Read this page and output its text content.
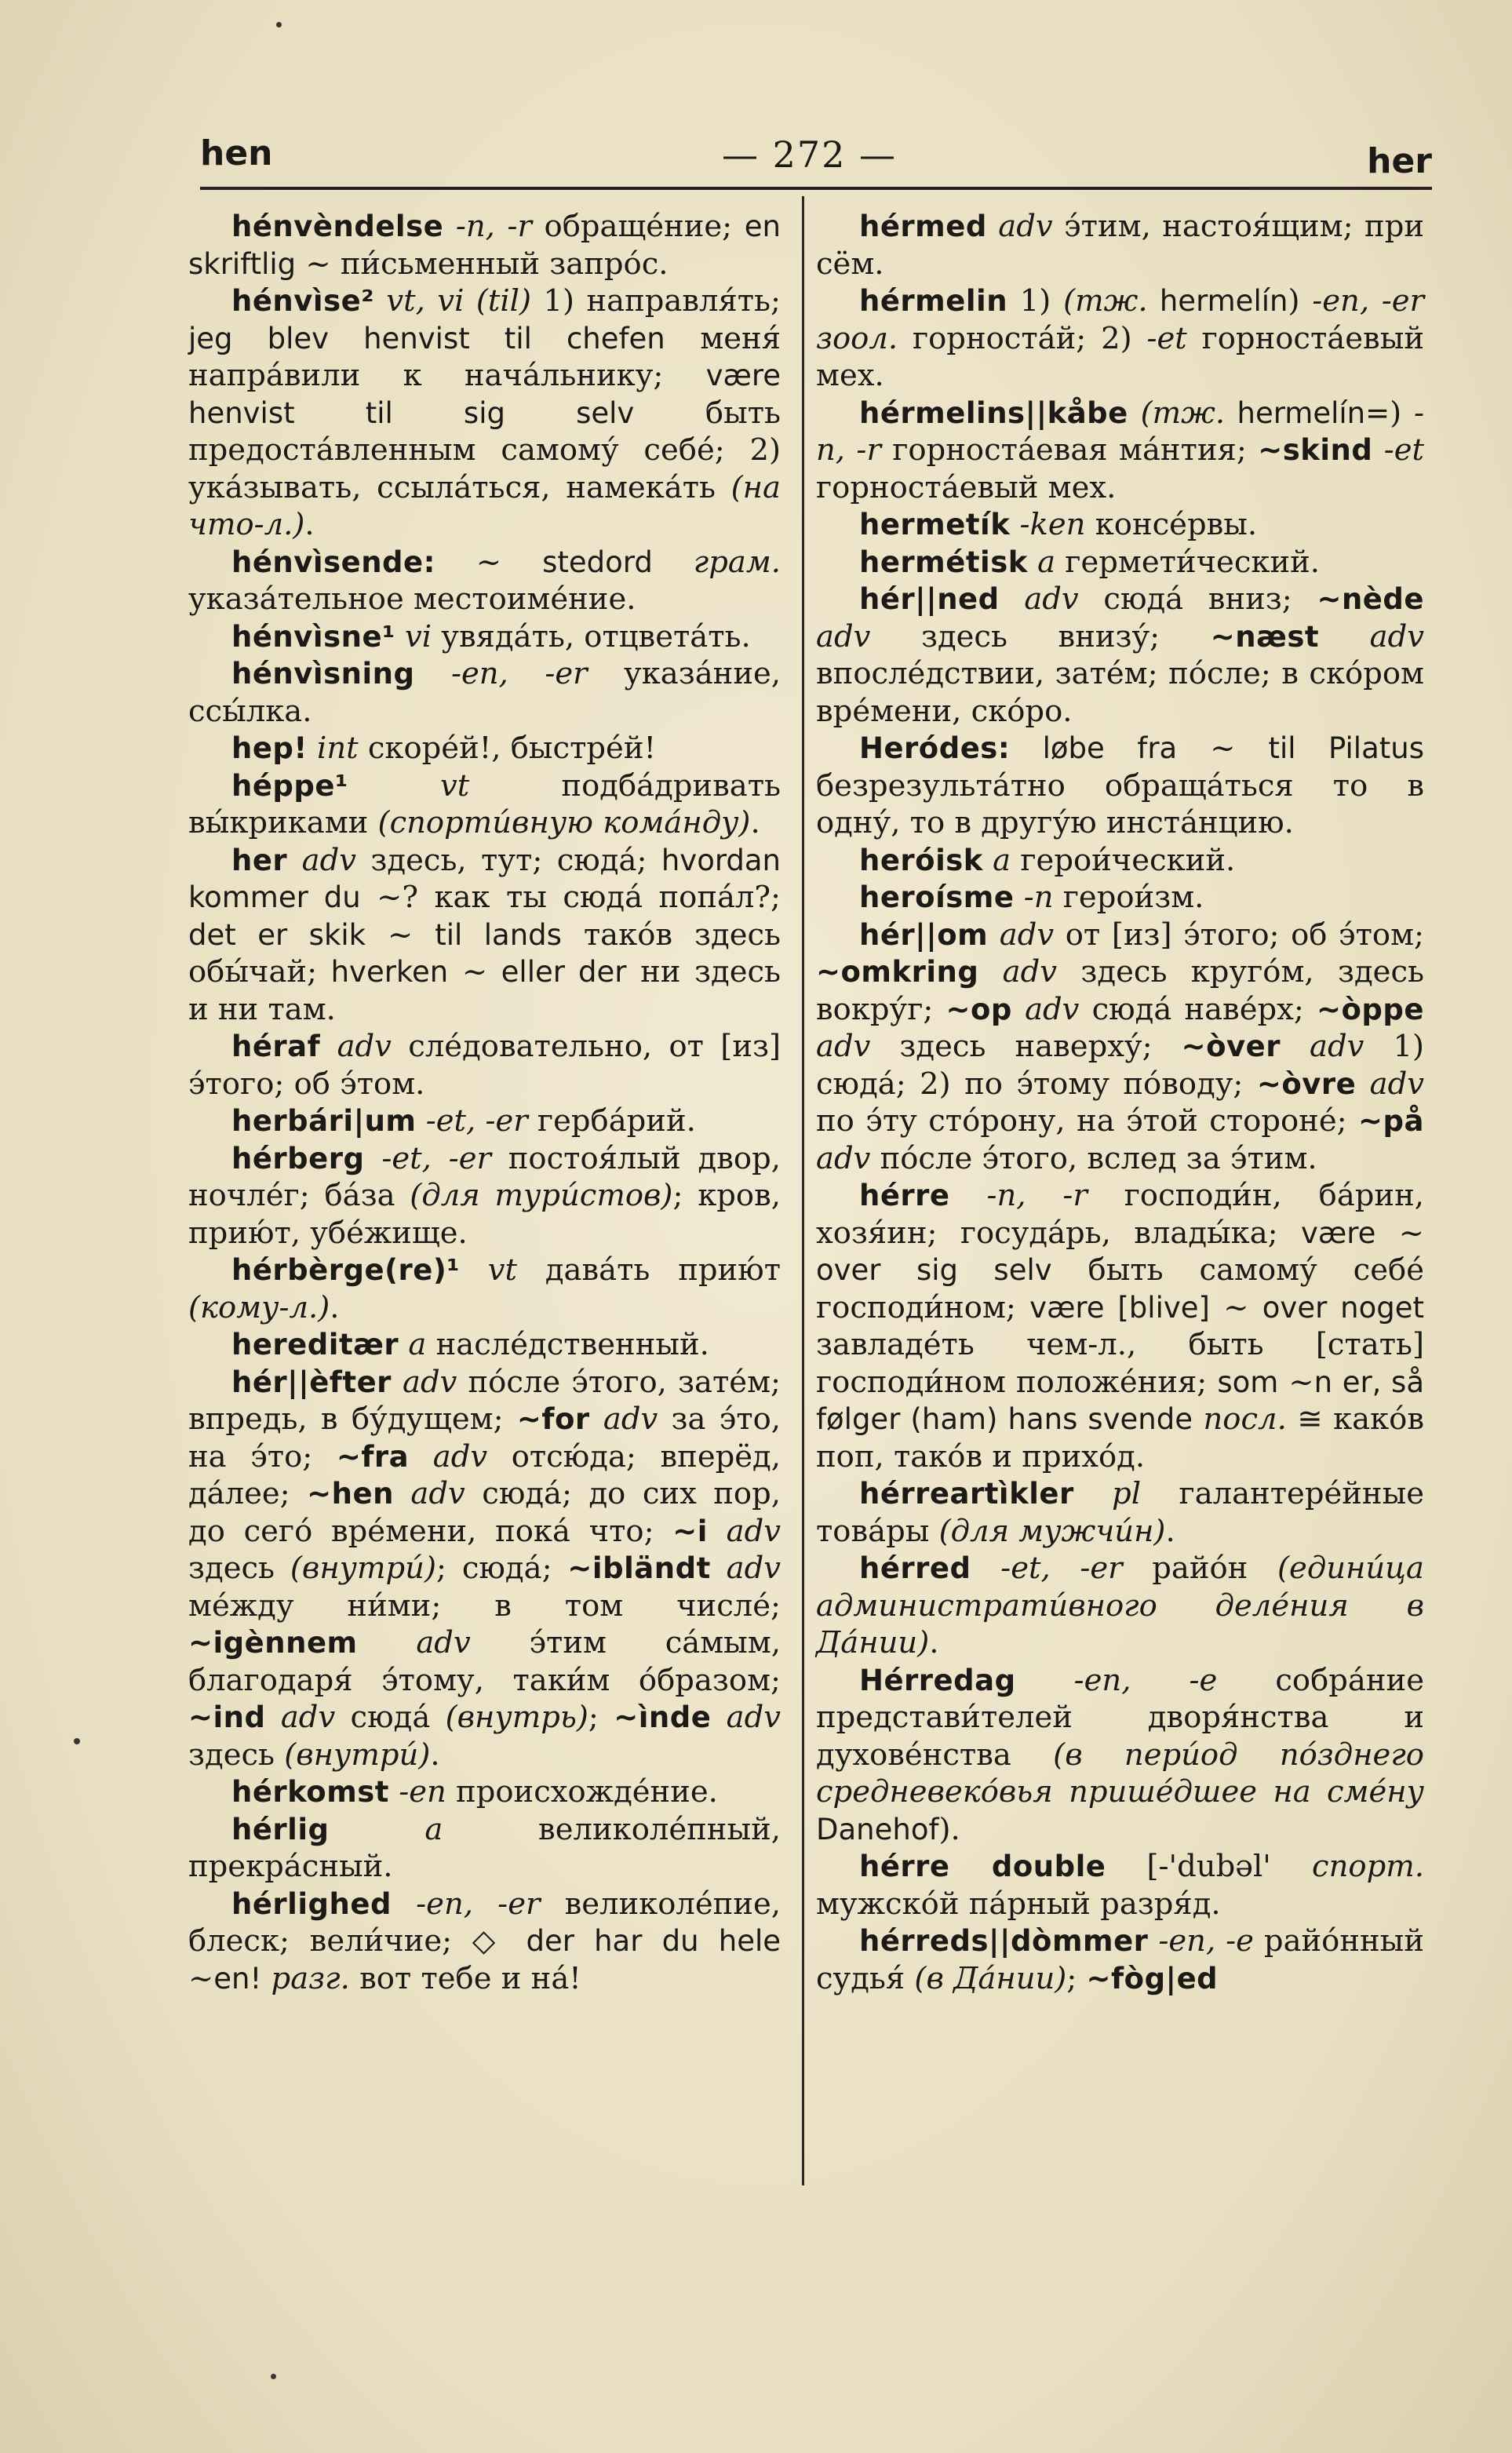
hen	— 272 —	her

hénvèndelse -n, -r обраще́ние; en skriftlig ~ пи́сьменный запро́с.

hénvìse² vt, vi (til) 1) направля́ть; jeg blev henvist til chefen меня́ напра́вили к нача́льнику; være henvist til sig selv быть предоста́вленным самому́ себе́; 2) ука́зывать, ссыла́ться, намека́ть (на что-л.).

hénvìsende: ~ stedord грам. указа́тельное местоиме́ние.

hénvìsne¹ vi увяда́ть, отцвета́ть.

hénvìsning -en, -er указа́ние, ссы́лка.

hep! int скоре́й!, быстре́й!

héppe¹ vt подба́дривать вы́криками (спорти́вную кома́нду).

her adv здесь, тут; сюда́; hvordan kommer du ~? как ты сюда́ попа́л?; det er skik ~ til lands тако́в здесь обы́чай; hverken ~ eller der ни здесь и ни там.

héraf adv сле́довательно, от [из] э́того; об э́том.

herbári|um -et, -er герба́рий.

hérberg -et, -er постоя́лый двор, ночле́г; ба́за (для тури́стов); кров, прию́т, убе́жище.

hérbèrge(re)¹ vt дава́ть прию́т (кому-л.).

hereditær a насле́дственный.

hér||èfter adv по́сле э́того, зате́м; впредь, в бу́дущем; ~for adv за э́то, на э́то; ~fra adv отсю́да; вперёд, да́лее; ~hen adv сюда́; до сих пор, до сего́ вре́мени, пока́ что; ~i adv здесь (внутри́); сюда́; ~ibländt adv ме́жду ни́ми; в том числе́; ~igènnem adv э́тим са́мым, благодаря́ э́тому, таки́м о́бразом; ~ind adv сюда́ (внутрь); ~ìnde adv здесь (внутри́).

hérkomst -en происхожде́ние.

hérlig a великоле́пный, прекра́сный.

hérlighed -en, -er великоле́пие, блеск; вели́чие; ◇ der har du hele ~en! разг. вот тебе и на́!

hérmed adv э́тим, настоя́щим; при сём.

hérmelin 1) (тж. hermelín) -en, -er зоол. горноста́й; 2) -et горноста́евый мех.

hérmelins||kåbe (тж. hermelín=) -n, -r горноста́евая ма́нтия; ~skind -et горноста́евый мех.

hermetík -ken консе́рвы.

hermétisk a гермети́ческий.

hér||ned adv сюда́ вниз; ~nède adv здесь внизу́; ~næst adv впосле́дствии, зате́м; по́сле; в ско́ром вре́мени, ско́ро.

Heródes: løbe fra ~ til Pilatus безрезульта́тно обраща́ться то в одну́, то в другу́ю инста́нцию.

heróisk a герои́ческий.

heroísme -n герои́зм.

hér||om adv от [из] э́того; об э́том; ~omkring adv здесь круго́м, здесь вокру́г; ~op adv сюда́ наве́рх; ~òppe adv здесь наверху́; ~òver adv 1) сюда́; 2) по э́тому по́воду; ~òvre adv по э́ту сто́рону, на э́той стороне́; ~på adv по́сле э́того, вслед за э́тим.

hérre -n, -r господи́н, ба́рин, хозя́ин; госуда́рь, влады́ка; være ~ over sig selv быть самому́ себе́ господи́ном; være [blive] ~ over noget завладе́ть чем-л., быть [стать] господи́ном положе́ния; som ~n er, så følger (ham) hans svende посл. ≅ како́в поп, тако́в и прихо́д.

hérreartìkler pl галантере́йные това́ры (для мужчи́н).

hérred -et, -er райо́н (едини́ца администрати́вного деле́ния в Да́нии).

Hérredag -en, -e собра́ние представи́телей дворя́нства и духове́нства (в пери́од по́зднего средневеко́вья прише́дшее на сме́ну Danehof).

hérre double [-'dubəl' спорт. мужско́й па́рный разря́д.

hérreds||dòmmer -en, -e райо́нный судья́ (в Да́нии); ~fòg|ed
